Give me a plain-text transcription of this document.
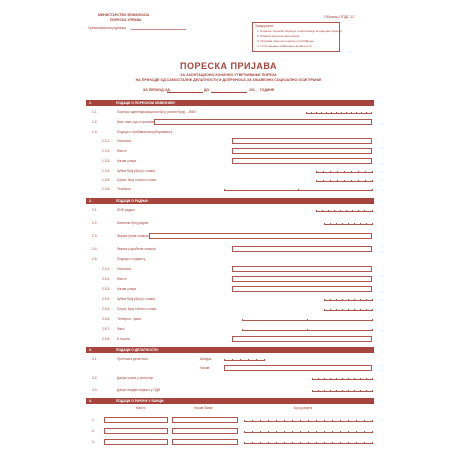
МИНИСТАРСТВО ФИНАНСИЈА
ПОРЕСКА УПРАВА
Организациона јединица
Образац ППДГ-1С
Заокружити:
1. Коначно порески обрачун и аконтација за наредни период
2. Измена месечне аконтације
3. Исправа прве на пореско ослобођење
4. Отпочињање обављања делатности
ПОРЕСКА ПРИЈАВА
ЗА АКОНТАЦИОНО-КОНАЧНО УТВРЂИВАЊЕ ПОРЕЗА
НА ПРИХОДЕ ОД САМОСТАЛНЕ ДЕЛАТНОСТИ И ДОПРИНОСА ЗА ОБАВЕЗНО СОЦИЈАЛНО ОСИГУРАЊЕ
ЗА ПЕРИОД ОД	ДО	201__ ГОДИНЕ
1.	ПОДАЦИ О ПОРЕСКОМ ОБВЕЗНИКУ
1.1.	Порески идентификациони број (лични број) - ЈМБГ
1.2.	Име, име оца и презиме
1.3.	Подаци о пребивалишту/боравишту
1.3.1. Општина
1.3.2. Место
1.3.3. Назив улице
1.3.4. Кућни број (број и слово)
1.3.5. Спрат, број стана и слово
1.3.6. Телефон
2.	ПОДАЦИ О РАДЊИ:
2.1.	ПИБ радње
2.2.	Матични број радње
2.3.	Фирма (пуна ознака)
2.4.	Фирма (скраћена ознака)
2.5.	Подаци о седишту
2.5.1. Општина
2.5.2. Место
2.5.3. Назив улице
2.5.4. Кућни број (број и слово)
2.5.5. Спрат, број стана и слово
2.5.6. Телефон - фикс
2.5.7. Факс
2.5.8. Е-пошта
3.	ПОДАЦИ О ДЕЛАТНОСТИ:
3.1.	Претежна делатност	Шифра:
Назив:
3.2.	Датум уписа у регистар
3.3.	Датум евидентирања у ПДВ
4.	ПОДАЦИ О РАЧУНУ У БАНЦИ:
Место	Назив банке	Број рачуна
1.
2.
3.
